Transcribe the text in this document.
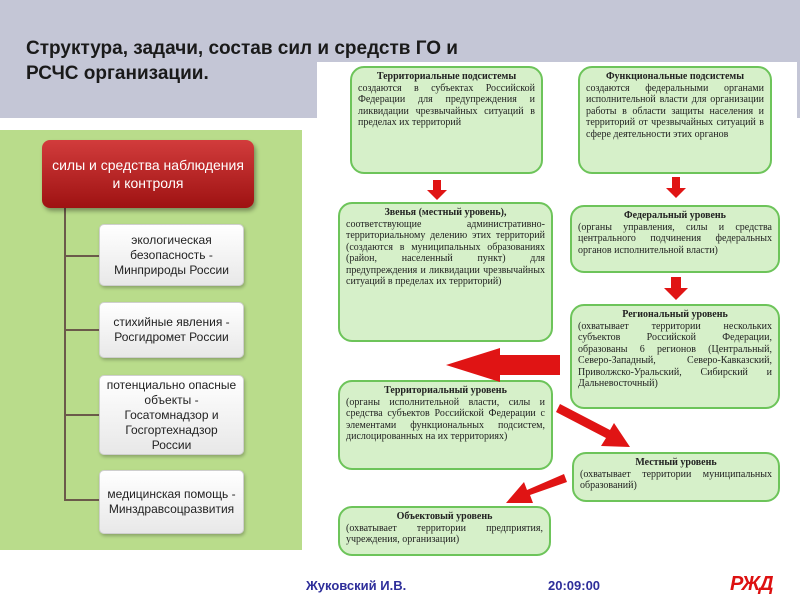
Структура, задачи, состав сил и средств ГО и РСЧС организации.
силы и средства наблюдения и контроля
экологическая безопасность - Минприроды России
стихийные явления - Росгидромет России
потенциально опасные объекты - Госатомнадзор и Госгортехнадзор России
медицинская помощь - Минздравсоцразвития
Территориальные подсистемы
создаются в субъектах Российской Федерации для предупреждения и ликвидации чрезвычайных ситуаций в пределах их территорий
Функциональные подсистемы
создаются федеральными органами исполнительной власти для организации работы в области защиты населения и территорий от чрезвычайных ситуаций в сфере деятельности этих органов
Звенья (местный уровень),
соответствующие административно-территориальному делению этих территорий (создаются в муниципальных образованиях (район, населенный пункт) для предупреждения и ликвидации чрезвычайных ситуаций в пределах их территорий)
Федеральный уровень
(органы управления, силы и средства центрального подчинения федеральных органов исполнительной власти)
Региональный уровень
(охватывает территории нескольких субъектов Российской Федерации, образованы 6 регионов (Центральный, Северо-Западный, Северо-Кавказский, Приволжско-Уральский, Сибирский и Дальневосточный)
Территориальный уровень
(органы исполнительной власти, силы и средства субъектов Российской Федерации с элементами функциональных подсистем, дислоцированных на их территориях)
Местный уровень
(охватывает территории муниципальных образований)
Объектовый уровень
(охватывает территории предприятия, учреждения, организации)
Жуковский И.В.	20:09:00	РЖД
